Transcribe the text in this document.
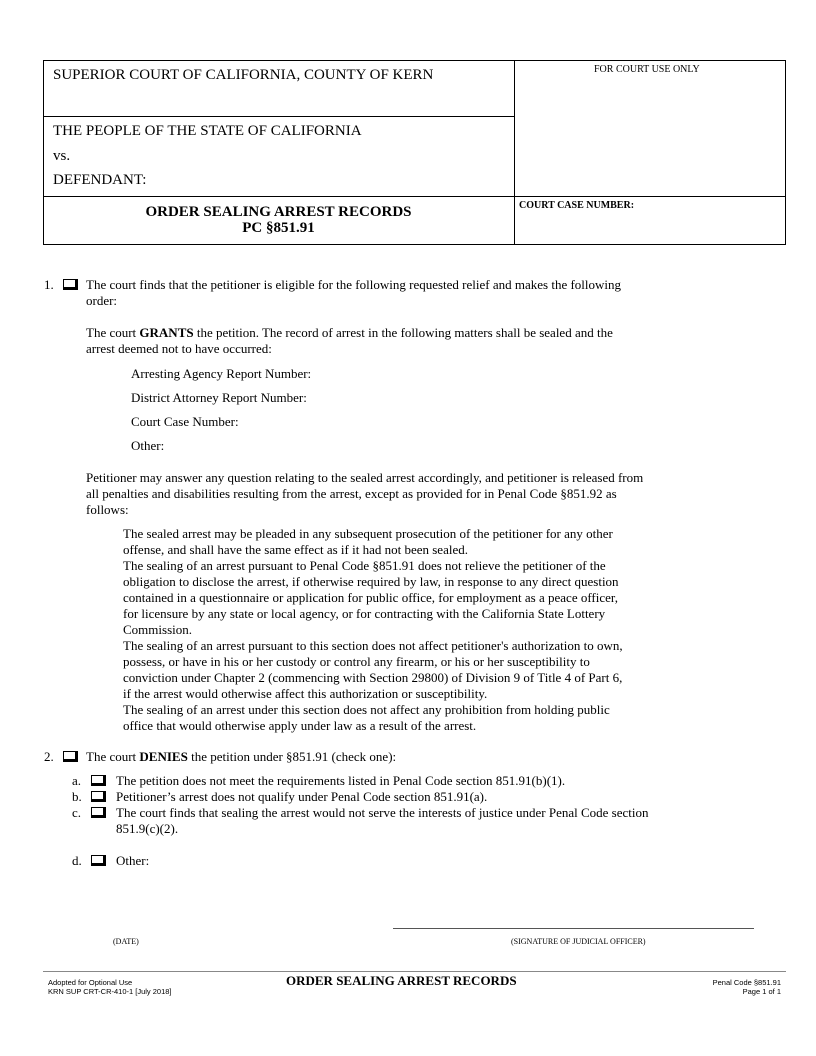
SUPERIOR COURT OF CALIFORNIA, COUNTY OF KERN	FOR COURT USE ONLY
THE PEOPLE OF THE STATE OF CALIFORNIA
vs.
DEFENDANT:
ORDER SEALING ARREST RECORDS
PC §851.91
COURT CASE NUMBER:
1. The court finds that the petitioner is eligible for the following requested relief and makes the following
order:
The court GRANTS the petition. The record of arrest in the following matters shall be sealed and the
arrest deemed not to have occurred:
Arresting Agency Report Number:
District Attorney Report Number:
Court Case Number:
Other:
Petitioner may answer any question relating to the sealed arrest accordingly, and petitioner is released from
all penalties and disabilities resulting from the arrest, except as provided for in Penal Code §851.92 as
follows:
The sealed arrest may be pleaded in any subsequent prosecution of the petitioner for any other
offense, and shall have the same effect as if it had not been sealed.
The sealing of an arrest pursuant to Penal Code §851.91 does not relieve the petitioner of the
obligation to disclose the arrest, if otherwise required by law, in response to any direct question
contained in a questionnaire or application for public office, for employment as a peace officer,
for licensure by any state or local agency, or for contracting with the California State Lottery
Commission.
The sealing of an arrest pursuant to this section does not affect petitioner's authorization to own,
possess, or have in his or her custody or control any firearm, or his or her susceptibility to
conviction under Chapter 2 (commencing with Section 29800) of Division 9 of Title 4 of Part 6,
if the arrest would otherwise affect this authorization or susceptibility.
The sealing of an arrest under this section does not affect any prohibition from holding public
office that would otherwise apply under law as a result of the arrest.
2. The court DENIES the petition under §851.91 (check one):
a.	The petition does not meet the requirements listed in Penal Code section 851.91(b)(1).
b.	Petitioner’s arrest does not qualify under Penal Code section 851.91(a).
c.	The court finds that sealing the arrest would not serve the interests of justice under Penal Code section
851.9(c)(2).
d.	Other:
(DATE)	(SIGNATURE OF JUDICIAL OFFICER)
Adopted for Optional Use
KRN SUP CRT-CR-410-1 [July 2018]
ORDER SEALING ARREST RECORDS	Penal Code §851.91
Page 1 of 1
